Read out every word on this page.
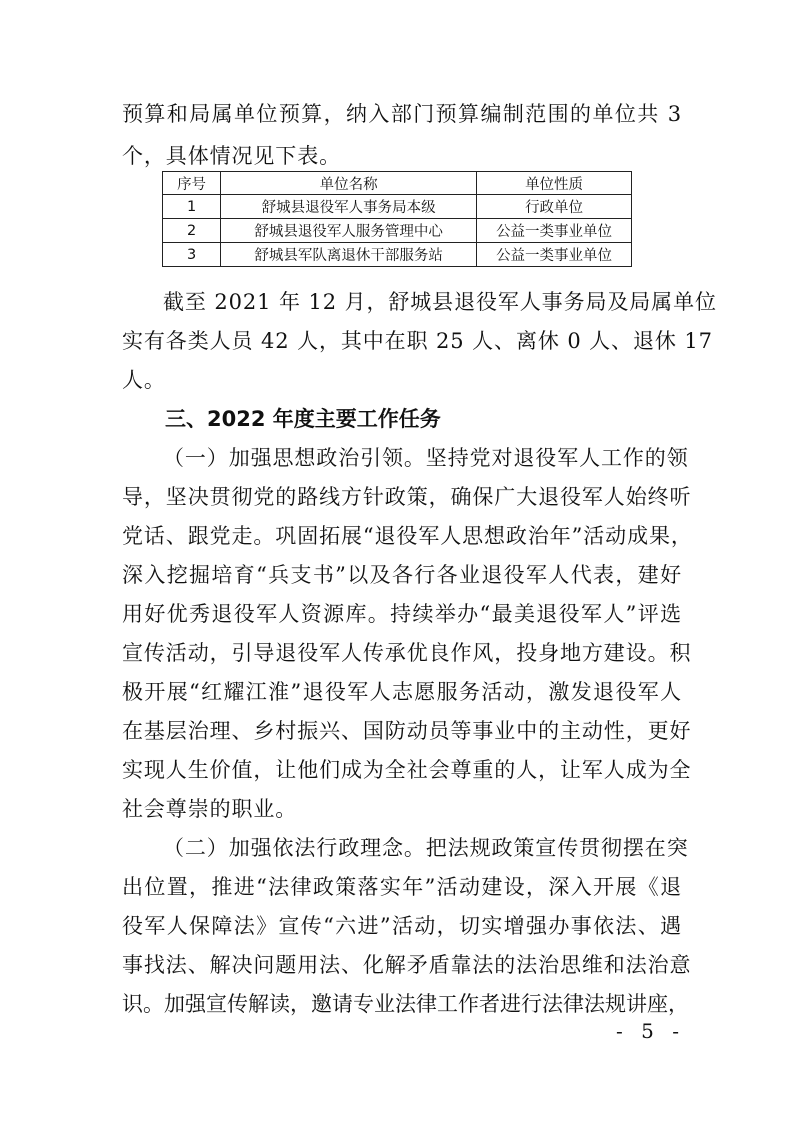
预算和局属单位预算，纳入部门预算编制范围的单位共 3
个，具体情况见下表。
序号	单位名称	单位性质
1	舒城县退役军人事务局本级	行政单位
2	舒城县退役军人服务管理中心	公益一类事业单位
3	舒城县军队离退休干部服务站	公益一类事业单位
截至 2021 年 12 月，舒城县退役军人事务局及局属单位
实有各类人员 42 人，其中在职 25 人、离休 0 人、退休 17
人。
三、2022 年度主要工作任务
（一）加强思想政治引领。坚持党对退役军人工作的领
导，坚决贯彻党的路线方针政策，确保广大退役军人始终听
党话、跟党走。巩固拓展“退役军人思想政治年”活动成果，
深入挖掘培育“兵支书”以及各行各业退役军人代表，建好
用好优秀退役军人资源库。持续举办“最美退役军人”评选
宣传活动，引导退役军人传承优良作风，投身地方建设。积
极开展“红耀江淮”退役军人志愿服务活动，激发退役军人
在基层治理、乡村振兴、国防动员等事业中的主动性，更好
实现人生价值，让他们成为全社会尊重的人，让军人成为全
社会尊崇的职业。
（二）加强依法行政理念。把法规政策宣传贯彻摆在突
出位置，推进“法律政策落实年”活动建设，深入开展《退
役军人保障法》宣传“六进”活动，切实增强办事依法、遇
事找法、解决问题用法、化解矛盾靠法的法治思维和法治意
识。加强宣传解读，邀请专业法律工作者进行法律法规讲座，
- 5 -
